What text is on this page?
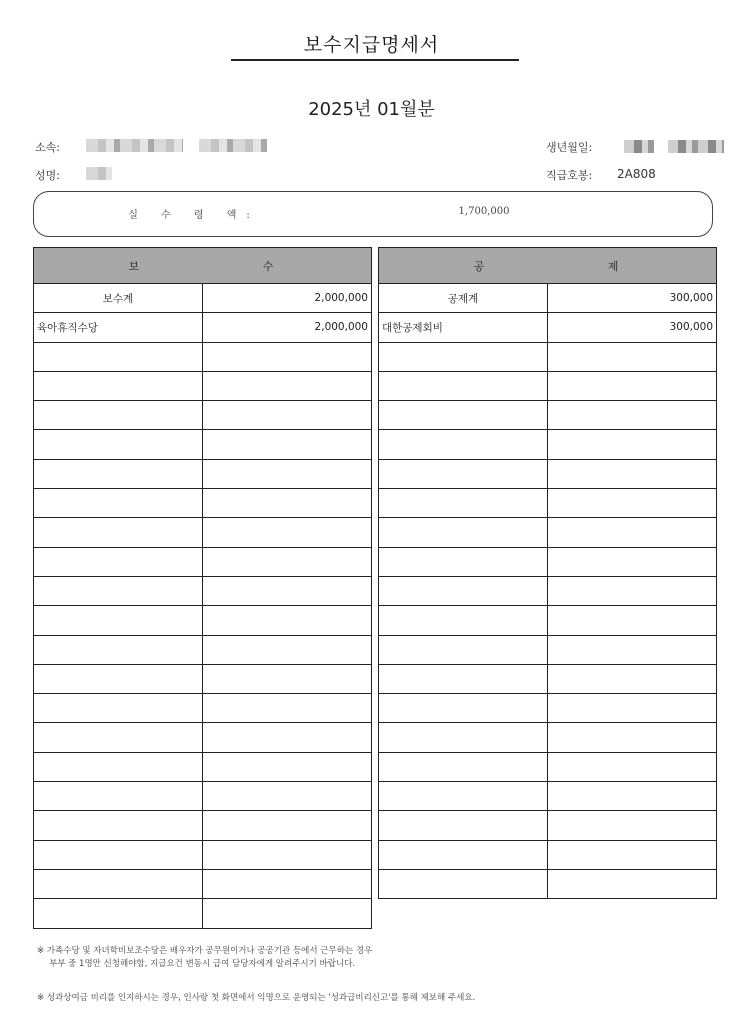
보수지급명세서
2025년 01월분
소속:
성명:
생년월일:
직급호봉: 2A808
실 수 령 액:	1,700,000
보 수	
보수계	2,000,000
육아휴직수당	2,000,000

공 제	
공제계	300,000
대한공제회비	300,000

※ 가족수당 및 자녀학비보조수당은 배우자가 공무원이거나 공공기관 등에서 근무하는 경우
부부 중 1명만 신청해야함, 지급요건 변동시 급여 담당자에게 알려주시기 바랍니다.
※ 성과상여금 비리를 인지하시는 경우, 인사랑 첫 화면에서 익명으로 운영되는 '성과급비리신고'를 통해 제보해 주세요.
